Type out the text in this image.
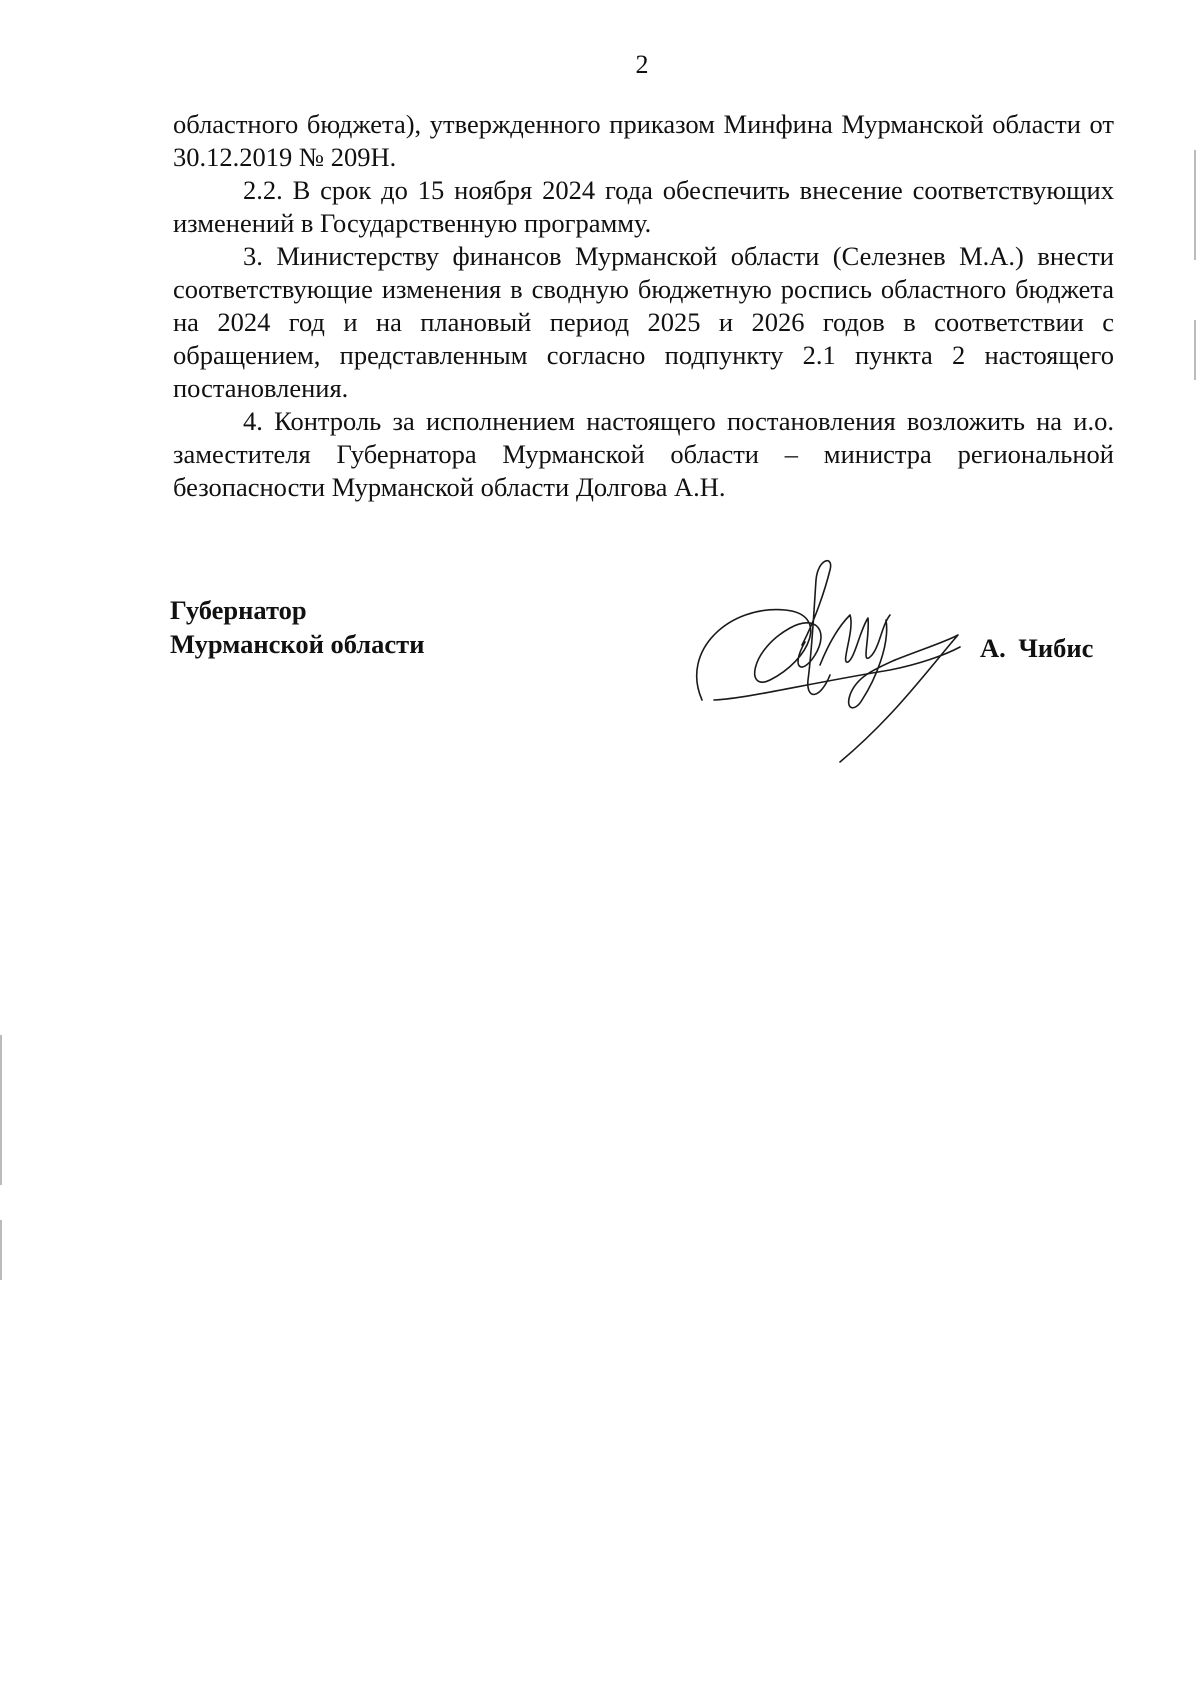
2

областного бюджета), утвержденного приказом Минфина Мурманской области от 30.12.2019 № 209Н.

2.2. В срок до 15 ноября 2024 года обеспечить внесение соответствующих изменений в Государственную программу.

3. Министерству финансов Мурманской области (Селезнев М.А.) внести соответствующие изменения в сводную бюджетную роспись областного бюджета на 2024 год и на плановый период 2025 и 2026 годов в соответствии с обращением, представленным согласно подпункту 2.1 пункта 2 настоящего постановления.

4. Контроль за исполнением настоящего постановления возложить на и.о. заместителя Губернатора Мурманской области – министра региональной безопасности Мурманской области Долгова А.Н.

Губернатор
Мурманской области	А. Чибис
